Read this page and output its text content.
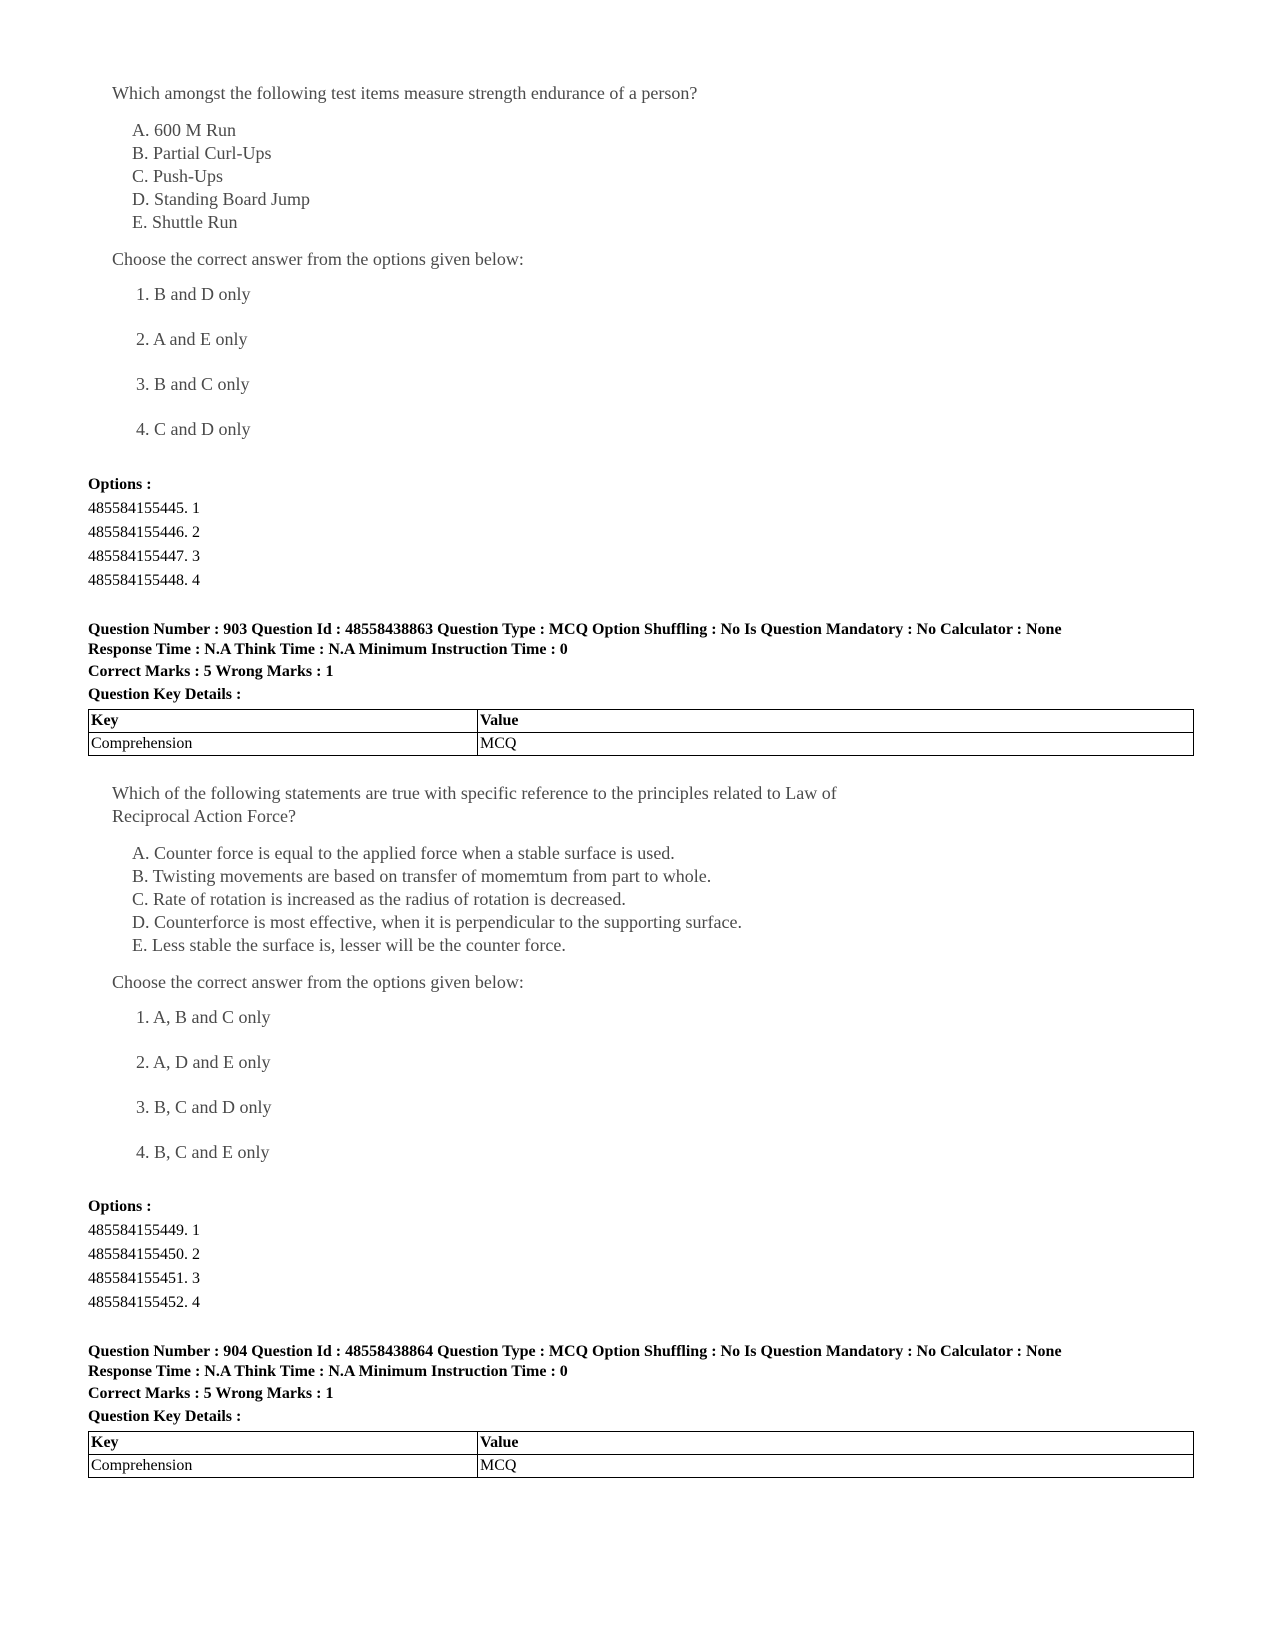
Which amongst the following test items measure strength endurance of a person?

A. 600 M Run
B. Partial Curl-Ups
C. Push-Ups
D. Standing Board Jump
E. Shuttle Run

Choose the correct answer from the options given below:

1. B and D only
2. A and E only
3. B and C only
4. C and D only
Options :
485584155445. 1
485584155446. 2
485584155447. 3
485584155448. 4
Question Number : 903 Question Id : 48558438863 Question Type : MCQ Option Shuffling : No Is Question Mandatory : No Calculator : None
Response Time : N.A Think Time : N.A Minimum Instruction Time : 0
Correct Marks : 5 Wrong Marks : 1
Question Key Details :
Key	Value
Comprehension	MCQ

Which of the following statements are true with specific reference to the principles related to Law of

Reciprocal Action Force?

A. Counter force is equal to the applied force when a stable surface is used.
B. Twisting movements are based on transfer of momemtum from part to whole.
C. Rate of rotation is increased as the radius of rotation is decreased.
D. Counterforce is most effective, when it is perpendicular to the supporting surface.
E. Less stable the surface is, lesser will be the counter force.

Choose the correct answer from the options given below:

1. A, B and C only
2. A, D and E only
3. B, C and D only
4. B, C and E only
Options :
485584155449. 1
485584155450. 2
485584155451. 3
485584155452. 4
Question Number : 904 Question Id : 48558438864 Question Type : MCQ Option Shuffling : No Is Question Mandatory : No Calculator : None
Response Time : N.A Think Time : N.A Minimum Instruction Time : 0
Correct Marks : 5 Wrong Marks : 1
Question Key Details :
Key	Value
Comprehension	MCQ
